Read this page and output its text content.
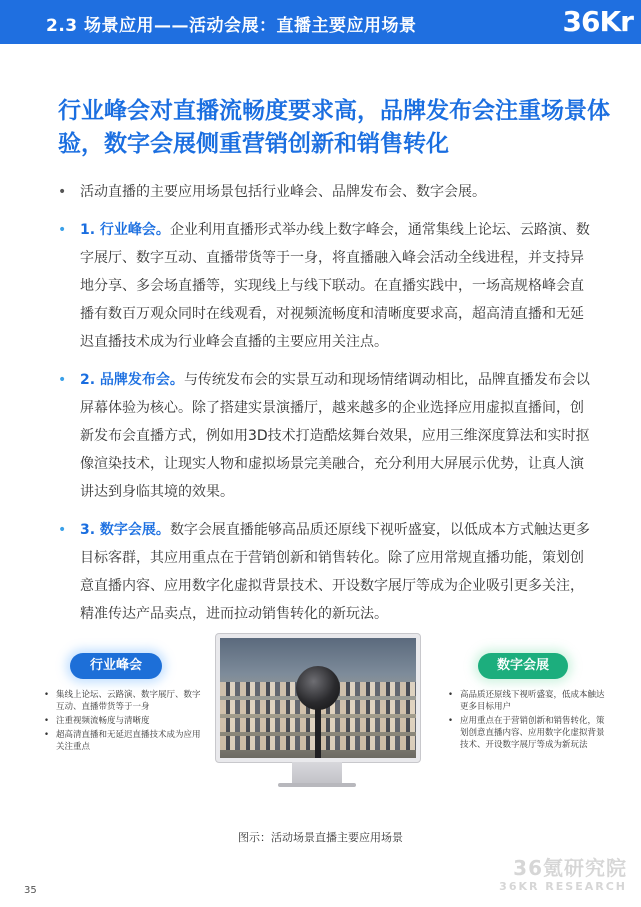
2.3 场景应用——活动会展：直播主要应用场景	36Kr
行业峰会对直播流畅度要求高，品牌发布会注重场景体验，数字会展侧重营销创新和销售转化
• 活动直播的主要应用场景包括行业峰会、品牌发布会、数字会展。
• 1. 行业峰会。企业利用直播形式举办线上数字峰会，通常集线上论坛、云路演、数字展厅、数字互动、直播带货等于一身，将直播融入峰会活动全线进程，并支持异地分享、多会场直播等，实现线上与线下联动。在直播实践中，一场高规格峰会直播有数百万观众同时在线观看，对视频流畅度和清晰度要求高，超高清直播和无延迟直播技术成为行业峰会直播的主要应用关注点。
• 2. 品牌发布会。与传统发布会的实景互动和现场情绪调动相比，品牌直播发布会以屏幕体验为核心。除了搭建实景演播厅，越来越多的企业选择应用虚拟直播间，创新发布会直播方式，例如用3D技术打造酷炫舞台效果，应用三维深度算法和实时抠像渲染技术，让现实人物和虚拟场景完美融合，充分利用大屏展示优势，让真人演讲达到身临其境的效果。
• 3. 数字会展。数字会展直播能够高品质还原线下视听盛宴，以低成本方式触达更多目标客群，其应用重点在于营销创新和销售转化。除了应用常规直播功能，策划创意直播内容、应用数字化虚拟背景技术、开设数字展厅等成为企业吸引更多关注，精准传达产品卖点，进而拉动销售转化的新玩法。
行业峰会
• 集线上论坛、云路演、数字展厅、数字互动、直播带货等于一身
• 注重视频流畅度与清晰度
• 超高清直播和无延迟直播技术成为应用关注重点
数字会展
• 高品质还原线下视听盛宴，低成本触达更多目标用户
• 应用重点在于营销创新和销售转化，策划创意直播内容、应用数字化虚拟背景技术、开设数字展厅等成为新玩法
图示：活动场景直播主要应用场景
35
36氪研究院
36KR RESEARCH
